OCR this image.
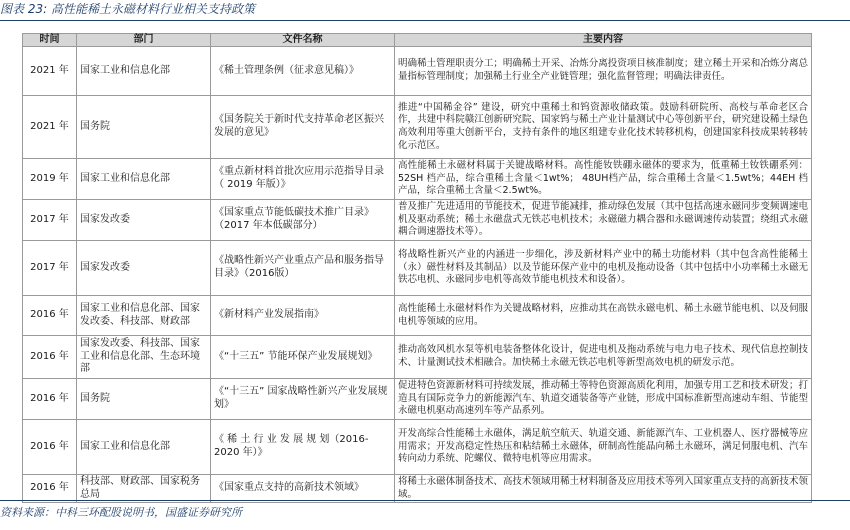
图表 23: 高性能稀土永磁材料行业相关支持政策
时间	部门	文件名称	主要内容
2021 年	国家工业和信息化部	《稀土管理条例（征求意见稿）》	明确稀土管理职责分工；明确稀土开采、冶炼分离投资项目核准制度；建立稀土开采和冶炼分离总量指标管理制度；加强稀土行业全产业链管理；强化监督管理；明确法律责任。
2021 年	国务院	《国务院关于新时代支持革命老区振兴发展的意见》	推进“中国稀金谷” 建设，研究中重稀土和钨资源收储政策。鼓励科研院所、高校与革命老区合作，共建中科院赣江创新研究院、国家钨与稀土产业计量测试中心等创新平台，研究建设稀土绿色高效利用等重大创新平台，支持有条件的地区组建专业化技术转移机构，创建国家科技成果转移转化示范区。
2019 年	国家工业和信息化部	《重点新材料首批次应用示范指导目录（ 2019 年版）》	高性能稀土永磁材料属于关键战略材料。高性能钕铁硼永磁体的要求为，低重稀土钕铁硼系列： 52SH 档产品，综合重稀土含量＜1wt%； 48UH档产品，综合重稀土含量＜1.5wt%；44EH 档产品，综合重稀土含量＜2.5wt%。
2017 年	国家发改委	《国家重点节能低碳技术推广目录》（2017 年本低碳部分）	普及推广先进适用的节能技术，促进节能减排，推动绿色发展（其中包括高速永磁同步变频调速电机及驱动系统；稀土永磁盘式无铁芯电机技术；永磁磁力耦合器和永磁调速传动装置；绕组式永磁耦合调速器技术等）。
2017 年	国家发改委	《战略性新兴产业重点产品和服务指导目录》（2016版）	将战略性新兴产业的内涵进一步细化，涉及新材料产业中的稀土功能材料（其中包含高性能稀土（永）磁性材料及其制品）以及节能环保产业中的电机及拖动设备（其中包括中小功率稀土永磁无铁芯电机、永磁同步电机等高效节能电机技术和设备）。
2016 年	国家工业和信息化部、国家发改委、科技部、财政部	《新材料产业发展指南》	高性能稀土永磁材料作为关键战略材料，应推动其在高铁永磁电机、稀土永磁节能电机、以及伺服电机等领域的应用。
2016 年	国家发改委、科技部、国家工业和信息化部、生态环境部	《“十三五” 节能环保产业发展规划》	推动高效风机水泵等机电装备整体化设计，促进电机及拖动系统与电力电子技术、现代信息控制技术、计量测试技术相融合。加快稀土永磁无铁芯电机等新型高效电机的研发示范。
2016 年	国务院	《“十三五” 国家战略性新兴产业发展规划》	促进特色资源新材料可持续发展，推动稀土等特色资源高质化利用，加强专用工艺和技术研发；打造具有国际竞争力的新能源汽车、轨道交通装备等产业链，形成中国标准新型高速动车组、节能型永磁电机驱动高速列车等产品系列。
2016 年	国家工业和信息化部	《 稀 土 行 业 发 展 规 划（2016-2020 年）》	开发高综合性能稀土永磁体，满足航空航天、轨道交通、新能源汽车、工业机器人、医疗器械等应用需求；开发高稳定性热压和粘结稀土永磁体，研制高性能晶向稀土永磁环，满足伺服电机、汽车转向动力系统、陀螺仪、微特电机等应用需求。
2016 年	科技部、财政部、国家税务总局	《国家重点支持的高新技术领域》	将稀土永磁体制备技术、高技术领域用稀土材料制备及应用技术等列入国家重点支持的高新技术领域。
资料来源：中科三环配股说明书，国盛证券研究所
